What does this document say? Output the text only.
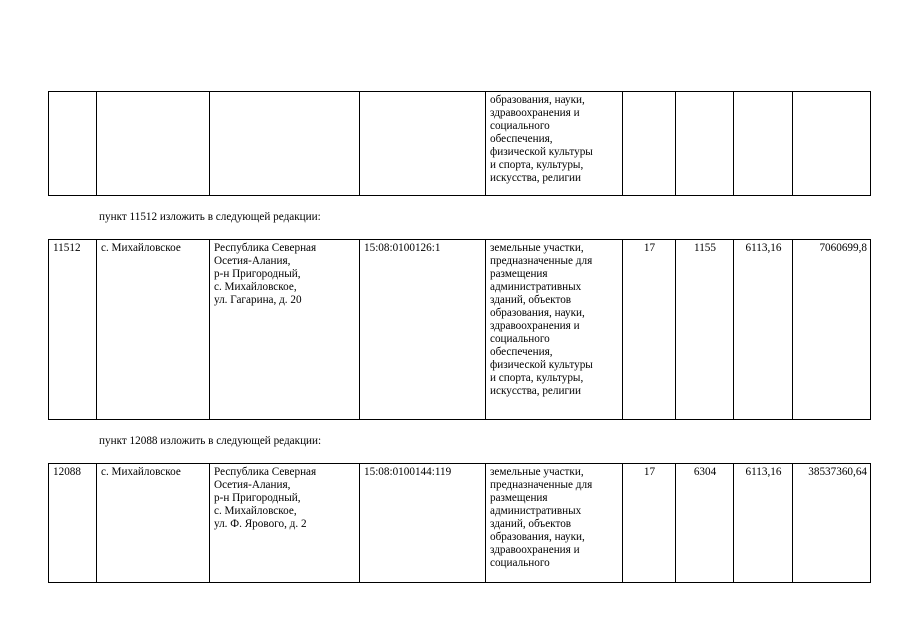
				образования, науки,
здравоохранения и
социального
обеспечения,
физической культуры
и спорта, культуры,
искусства, религии				
пункт 11512 изложить в следующей редакции:
11512	с. Михайловское	Республика Северная
Осетия-Алания,
р-н Пригородный,
с. Михайловское,
ул. Гагарина, д. 20	15:08:0100126:1	земельные участки,
предназначенные для
размещения
административных
зданий, объектов
образования, науки,
здравоохранения и
социального
обеспечения,
физической культуры
и спорта, культуры,
искусства, религии	17	1155	6113,16	7060699,8
пункт 12088 изложить в следующей редакции:
12088	с. Михайловское	Республика Северная
Осетия-Алания,
р-н Пригородный,
с. Михайловское,
ул. Ф. Ярового, д. 2	15:08:0100144:119	земельные участки,
предназначенные для
размещения
административных
зданий, объектов
образования, науки,
здравоохранения и
социального	17	6304	6113,16	38537360,64
